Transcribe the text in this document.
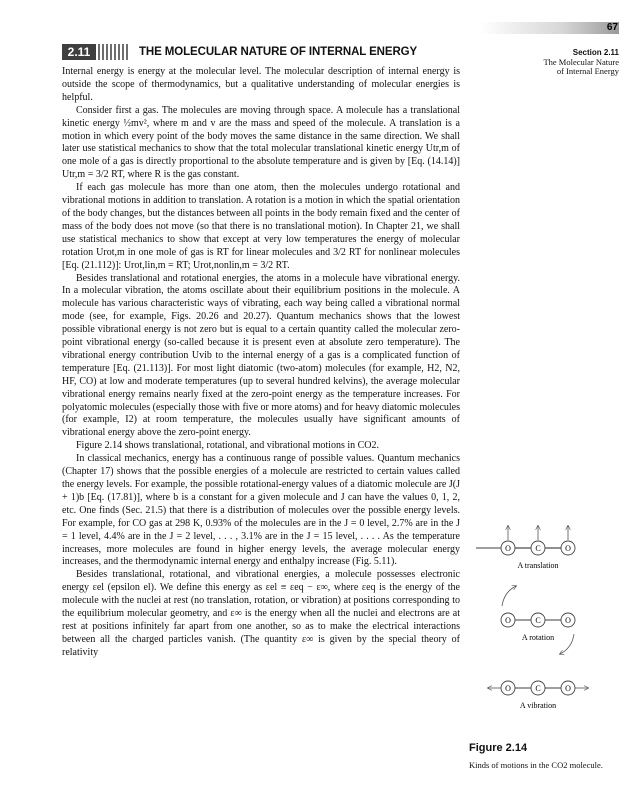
67
2.11	THE MOLECULAR NATURE OF INTERNAL ENERGY	Section 2.11
The Molecular Nature
of Internal Energy

Internal energy is energy at the molecular level. The molecular description of internal energy is outside the scope of thermodynamics, but a qualitative understanding of molecular energies is helpful.

Consider first a gas. The molecules are moving through space. A molecule has a translational kinetic energy ½mv², where m and v are the mass and speed of the molecule. A translation is a motion in which every point of the body moves the same distance in the same direction. We shall later use statistical mechanics to show that the total molecular translational kinetic energy Utr,m of one mole of a gas is directly proportional to the absolute temperature and is given by [Eq. (14.14)] Utr,m = 3/2 RT, where R is the gas constant.

If each gas molecule has more than one atom, then the molecules undergo rotational and vibrational motions in addition to translation. A rotation is a motion in which the spatial orientation of the body changes, but the distances between all points in the body remain fixed and the center of mass of the body does not move (so that there is no translational motion). In Chapter 21, we shall use statistical mechanics to show that except at very low temperatures the energy of molecular rotation Urot,m in one mole of gas is RT for linear molecules and 3/2 RT for nonlinear molecules [Eq. (21.112)]: Urot,lin,m = RT; Urot,nonlin,m = 3/2 RT.

Besides translational and rotational energies, the atoms in a molecule have vibrational energy. In a molecular vibration, the atoms oscillate about their equilibrium positions in the molecule. A molecule has various characteristic ways of vibrating, each way being called a vibrational normal mode (see, for example, Figs. 20.26 and 20.27). Quantum mechanics shows that the lowest possible vibrational energy is not zero but is equal to a certain quantity called the molecular zero-point vibrational energy (so-called because it is present even at absolute zero temperature). The vibrational energy contribution Uvib to the internal energy of a gas is a complicated function of temperature [Eq. (21.113)]. For most light diatomic (two-atom) molecules (for example, H2, N2, HF, CO) at low and moderate temperatures (up to several hundred kelvins), the average molecular vibrational energy remains nearly fixed at the zero-point energy as the temperature increases. For polyatomic molecules (especially those with five or more atoms) and for heavy diatomic molecules (for example, I2) at room temperature, the molecules usually have significant amounts of vibrational energy above the zero-point energy.

Figure 2.14 shows translational, rotational, and vibrational motions in CO2.

In classical mechanics, energy has a continuous range of possible values. Quantum mechanics (Chapter 17) shows that the possible energies of a molecule are restricted to certain values called the energy levels. For example, the possible rotational-energy values of a diatomic molecule are J(J + 1)b [Eq. (17.81)], where b is a constant for a given molecule and J can have the values 0, 1, 2, etc. One finds (Sec. 21.5) that there is a distribution of molecules over the possible energy levels. For example, for CO gas at 298 K, 0.93% of the molecules are in the J = 0 level, 2.7% are in the J = 1 level, 4.4% are in the J = 2 level, . . . , 3.1% are in the J = 15 level, . . . . As the temperature increases, more molecules are found in higher energy levels, the average molecular energy increases, and the thermodynamic internal energy and enthalpy increase (Fig. 5.11).

Besides translational, rotational, and vibrational energies, a molecule possesses electronic energy εel (epsilon el). We define this energy as εel ≡ εeq − ε∞, where εeq is the energy of the molecule with the nuclei at rest (no translation, rotation, or vibration) at positions corresponding to the equilibrium molecular geometry, and ε∞ is the energy when all the nuclei and electrons are at rest at positions infinitely far apart from one another, so as to make the electrical interactions between all the charged particles vanish. (The quantity ε∞ is given by the special theory of relativity

O	C	O
A translation
O	C	O
A rotation
O	C	O
A vibration
Figure 2.14
Kinds of motions in the CO2 molecule.
